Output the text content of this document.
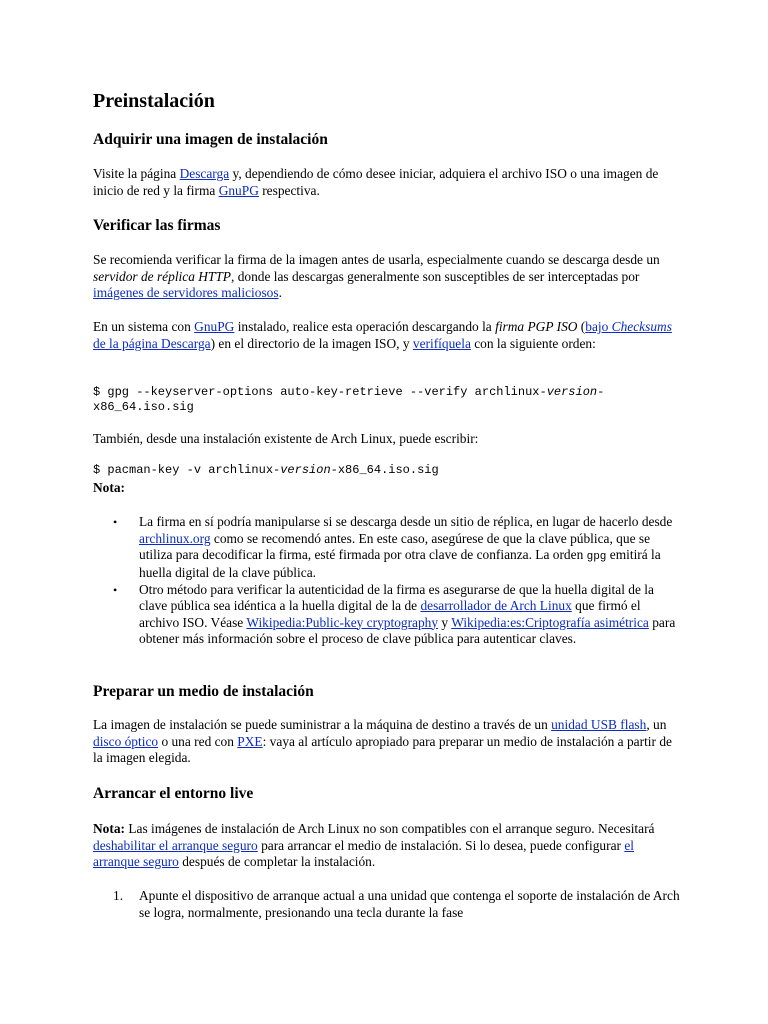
Preinstalación
Adquirir una imagen de instalación

Visite la página Descarga y, dependiendo de cómo desee iniciar, adquiera el archivo ISO o una imagen de inicio de red y la firma GnuPG respectiva.

Verificar las firmas

Se recomienda verificar la firma de la imagen antes de usarla, especialmente cuando se descarga desde un servidor de réplica HTTP, donde las descargas generalmente son susceptibles de ser interceptadas por imágenes de servidores maliciosos.

En un sistema con GnuPG instalado, realice esta operación descargando la firma PGP ISO (bajo Checksums de la página Descarga) en el directorio de la imagen ISO, y verifíquela con la siguiente orden:

$ gpg --keyserver-options auto-key-retrieve --verify archlinux-version-x86_64.iso.sig

También, desde una instalación existente de Arch Linux, puede escribir:

$ pacman-key -v archlinux-version-x86_64.iso.sig

Nota:

• La firma en sí podría manipularse si se descarga desde un sitio de réplica, en lugar de hacerlo desde archlinux.org como se recomendó antes. En este caso, asegúrese de que la clave pública, que se utiliza para decodificar la firma, esté firmada por otra clave de confianza. La orden gpg emitirá la huella digital de la clave pública.
• Otro método para verificar la autenticidad de la firma es asegurarse de que la huella digital de la clave pública sea idéntica a la huella digital de la de desarrollador de Arch Linux que firmó el archivo ISO. Véase Wikipedia:Public-key cryptography y Wikipedia:es:Criptografía asimétrica para obtener más información sobre el proceso de clave pública para autenticar claves.
Preparar un medio de instalación

La imagen de instalación se puede suministrar a la máquina de destino a través de un unidad USB flash, un disco óptico o una red con PXE: vaya al artículo apropiado para preparar un medio de instalación a partir de la imagen elegida.

Arrancar el entorno live

Nota: Las imágenes de instalación de Arch Linux no son compatibles con el arranque seguro. Necesitará deshabilitar el arranque seguro para arrancar el medio de instalación. Si lo desea, puede configurar el arranque seguro después de completar la instalación.

1. Apunte el dispositivo de arranque actual a una unidad que contenga el soporte de instalación de Arch se logra, normalmente, presionando una tecla durante la fase
